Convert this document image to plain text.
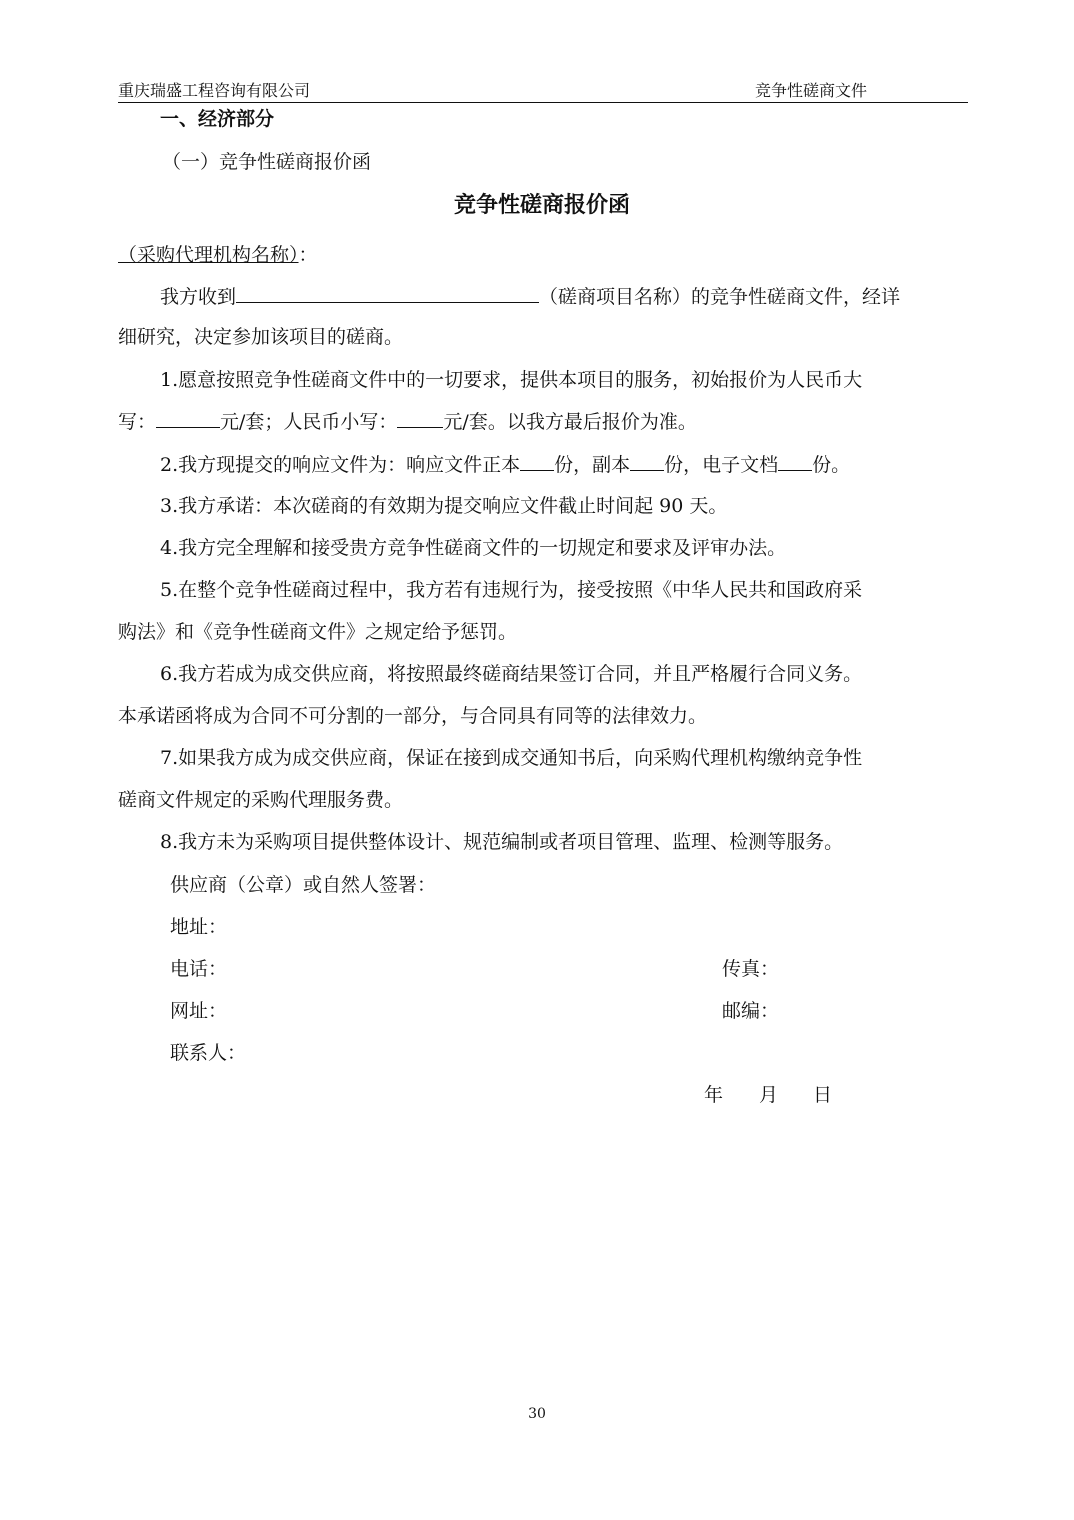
重庆瑞盛工程咨询有限公司	竞争性磋商文件
一、经济部分
（一）竞争性磋商报价函
竞争性磋商报价函
（采购代理机构名称）：
我方收到	（磋商项目名称）的竞争性磋商文件，经详
细研究，决定参加该项目的磋商。
1.愿意按照竞争性磋商文件中的一切要求，提供本项目的服务，初始报价为人民币大
写：	元/套；人民币小写： 元/套。以我方最后报价为准。
2.我方现提交的响应文件为：响应文件正本 份，副本 份，电子文档 份。
3.我方承诺：本次磋商的有效期为提交响应文件截止时间起 90 天。
4.我方完全理解和接受贵方竞争性磋商文件的一切规定和要求及评审办法。
5.在整个竞争性磋商过程中，我方若有违规行为，接受按照《中华人民共和国政府采
购法》和《竞争性磋商文件》之规定给予惩罚。
6.我方若成为成交供应商，将按照最终磋商结果签订合同，并且严格履行合同义务。
本承诺函将成为合同不可分割的一部分，与合同具有同等的法律效力。
7.如果我方成为成交供应商，保证在接到成交通知书后，向采购代理机构缴纳竞争性
磋商文件规定的采购代理服务费。
8.我方未为采购项目提供整体设计、规范编制或者项目管理、监理、检测等服务。
供应商（公章）或自然人签署：
地址：
电话：	传真：
网址：	邮编：
联系人：
年 月 日
30
